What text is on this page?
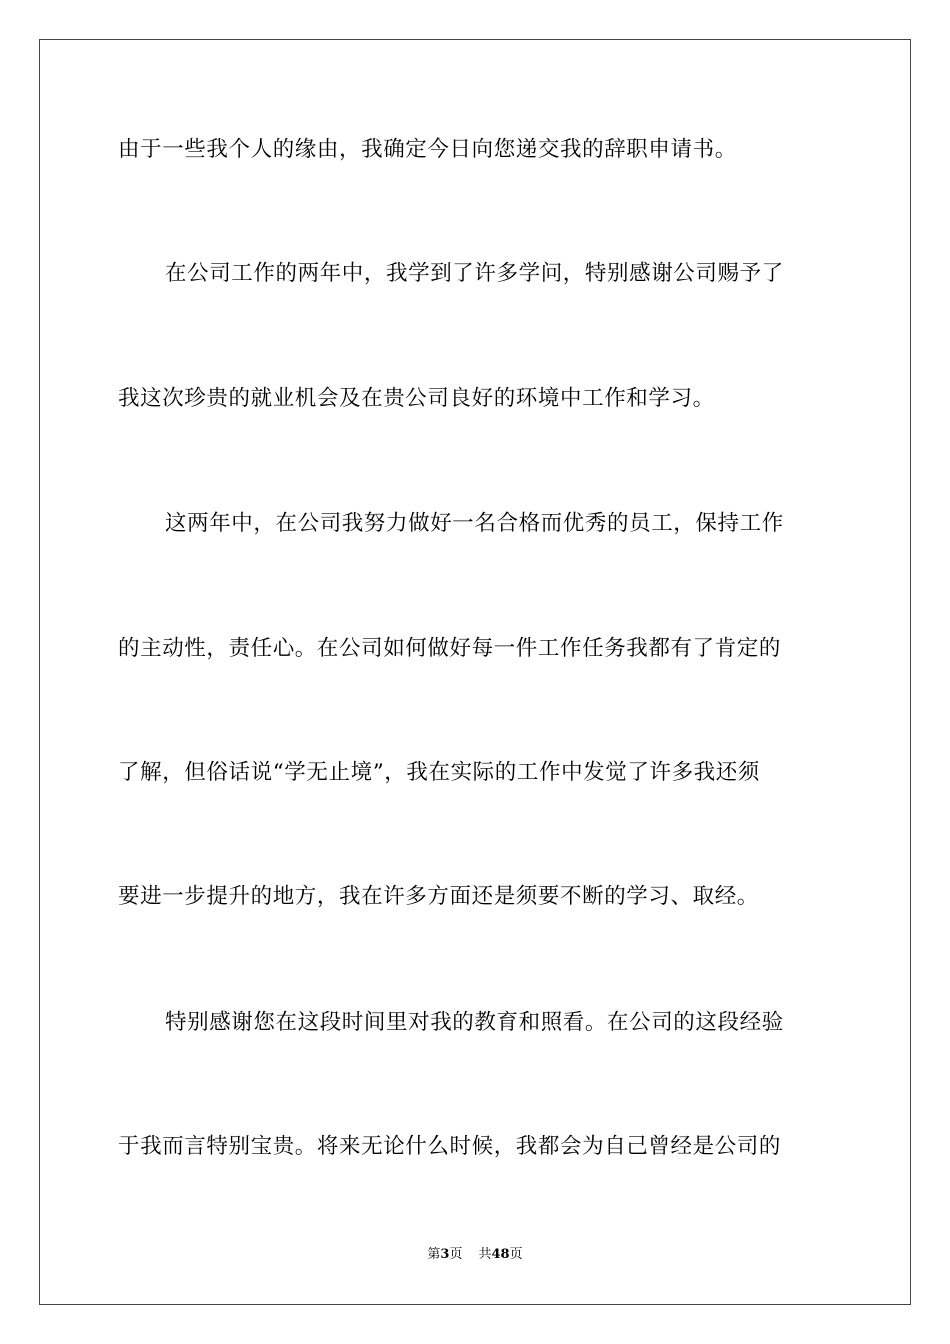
由于一些我个人的缘由，我确定今日向您递交我的辞职申请书。
在公司工作的两年中，我学到了许多学问，特别感谢公司赐予了
我这次珍贵的就业机会及在贵公司良好的环境中工作和学习。
这两年中，在公司我努力做好一名合格而优秀的员工，保持工作
的主动性，责任心。在公司如何做好每一件工作任务我都有了肯定的
了解，但俗话说“学无止境”，我在实际的工作中发觉了许多我还须
要进一步提升的地方，我在许多方面还是须要不断的学习、取经。
特别感谢您在这段时间里对我的教育和照看。在公司的这段经验
于我而言特别宝贵。将来无论什么时候，我都会为自己曾经是公司的
第3页 共48页
